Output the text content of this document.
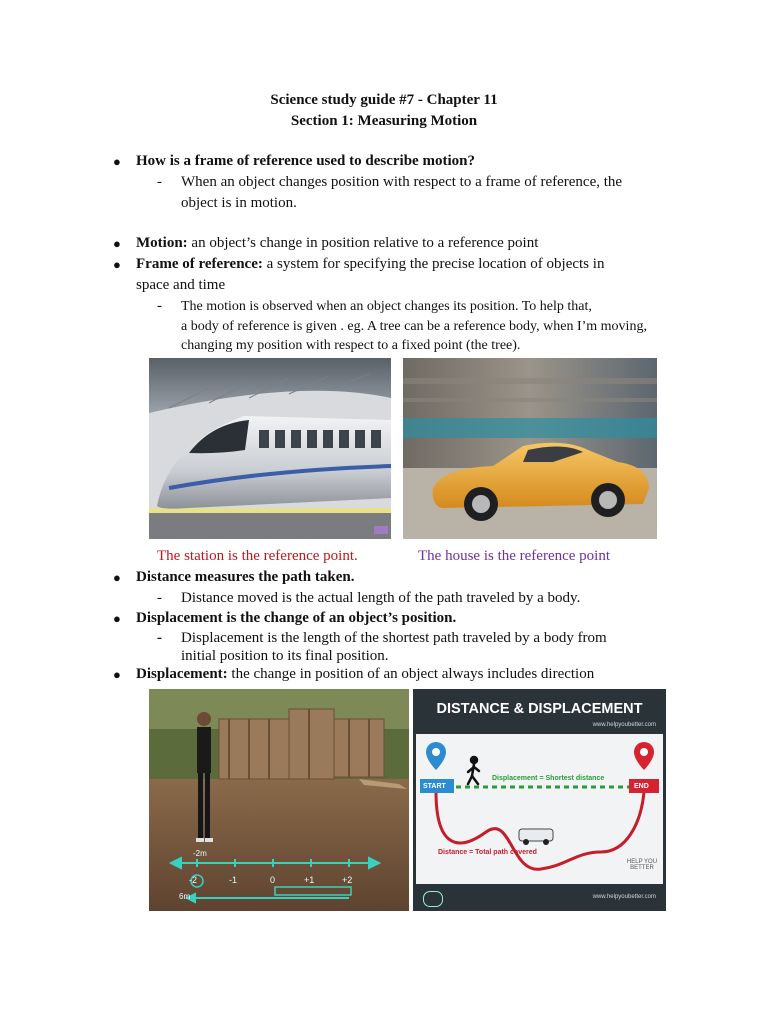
Science study guide #7 - Chapter 11
Section 1: Measuring Motion
● How is a frame of reference used to describe motion?
- When an object changes position with respect to a frame of reference, the
object is in motion.
● Motion: an object’s change in position relative to a reference point
● Frame of reference: a system for specifying the precise location of objects in
space and time
- The motion is observed when an object changes its position. To help that,
a body of reference is given . eg. A tree can be a reference body, when I’m moving,
changing my position with respect to a fixed point (the tree).
The station is the reference point.	The house is the reference point
● Distance measures the path taken.
- Distance moved is the actual length of the path traveled by a body.
● Displacement is the change of an object’s position.
- Displacement is the length of the shortest path traveled by a body from
initial position to its final position.
● Displacement: the change in position of an object always includes direction
-2	-1	0	+1	+2
-2m
6m
DISTANCE & DISPLACEMENT
www.helpyoubetter.com
START	END
Displacement = Shortest distance
Distance = Total path covered
HELP YOU BETTER
www.helpyoubetter.com
